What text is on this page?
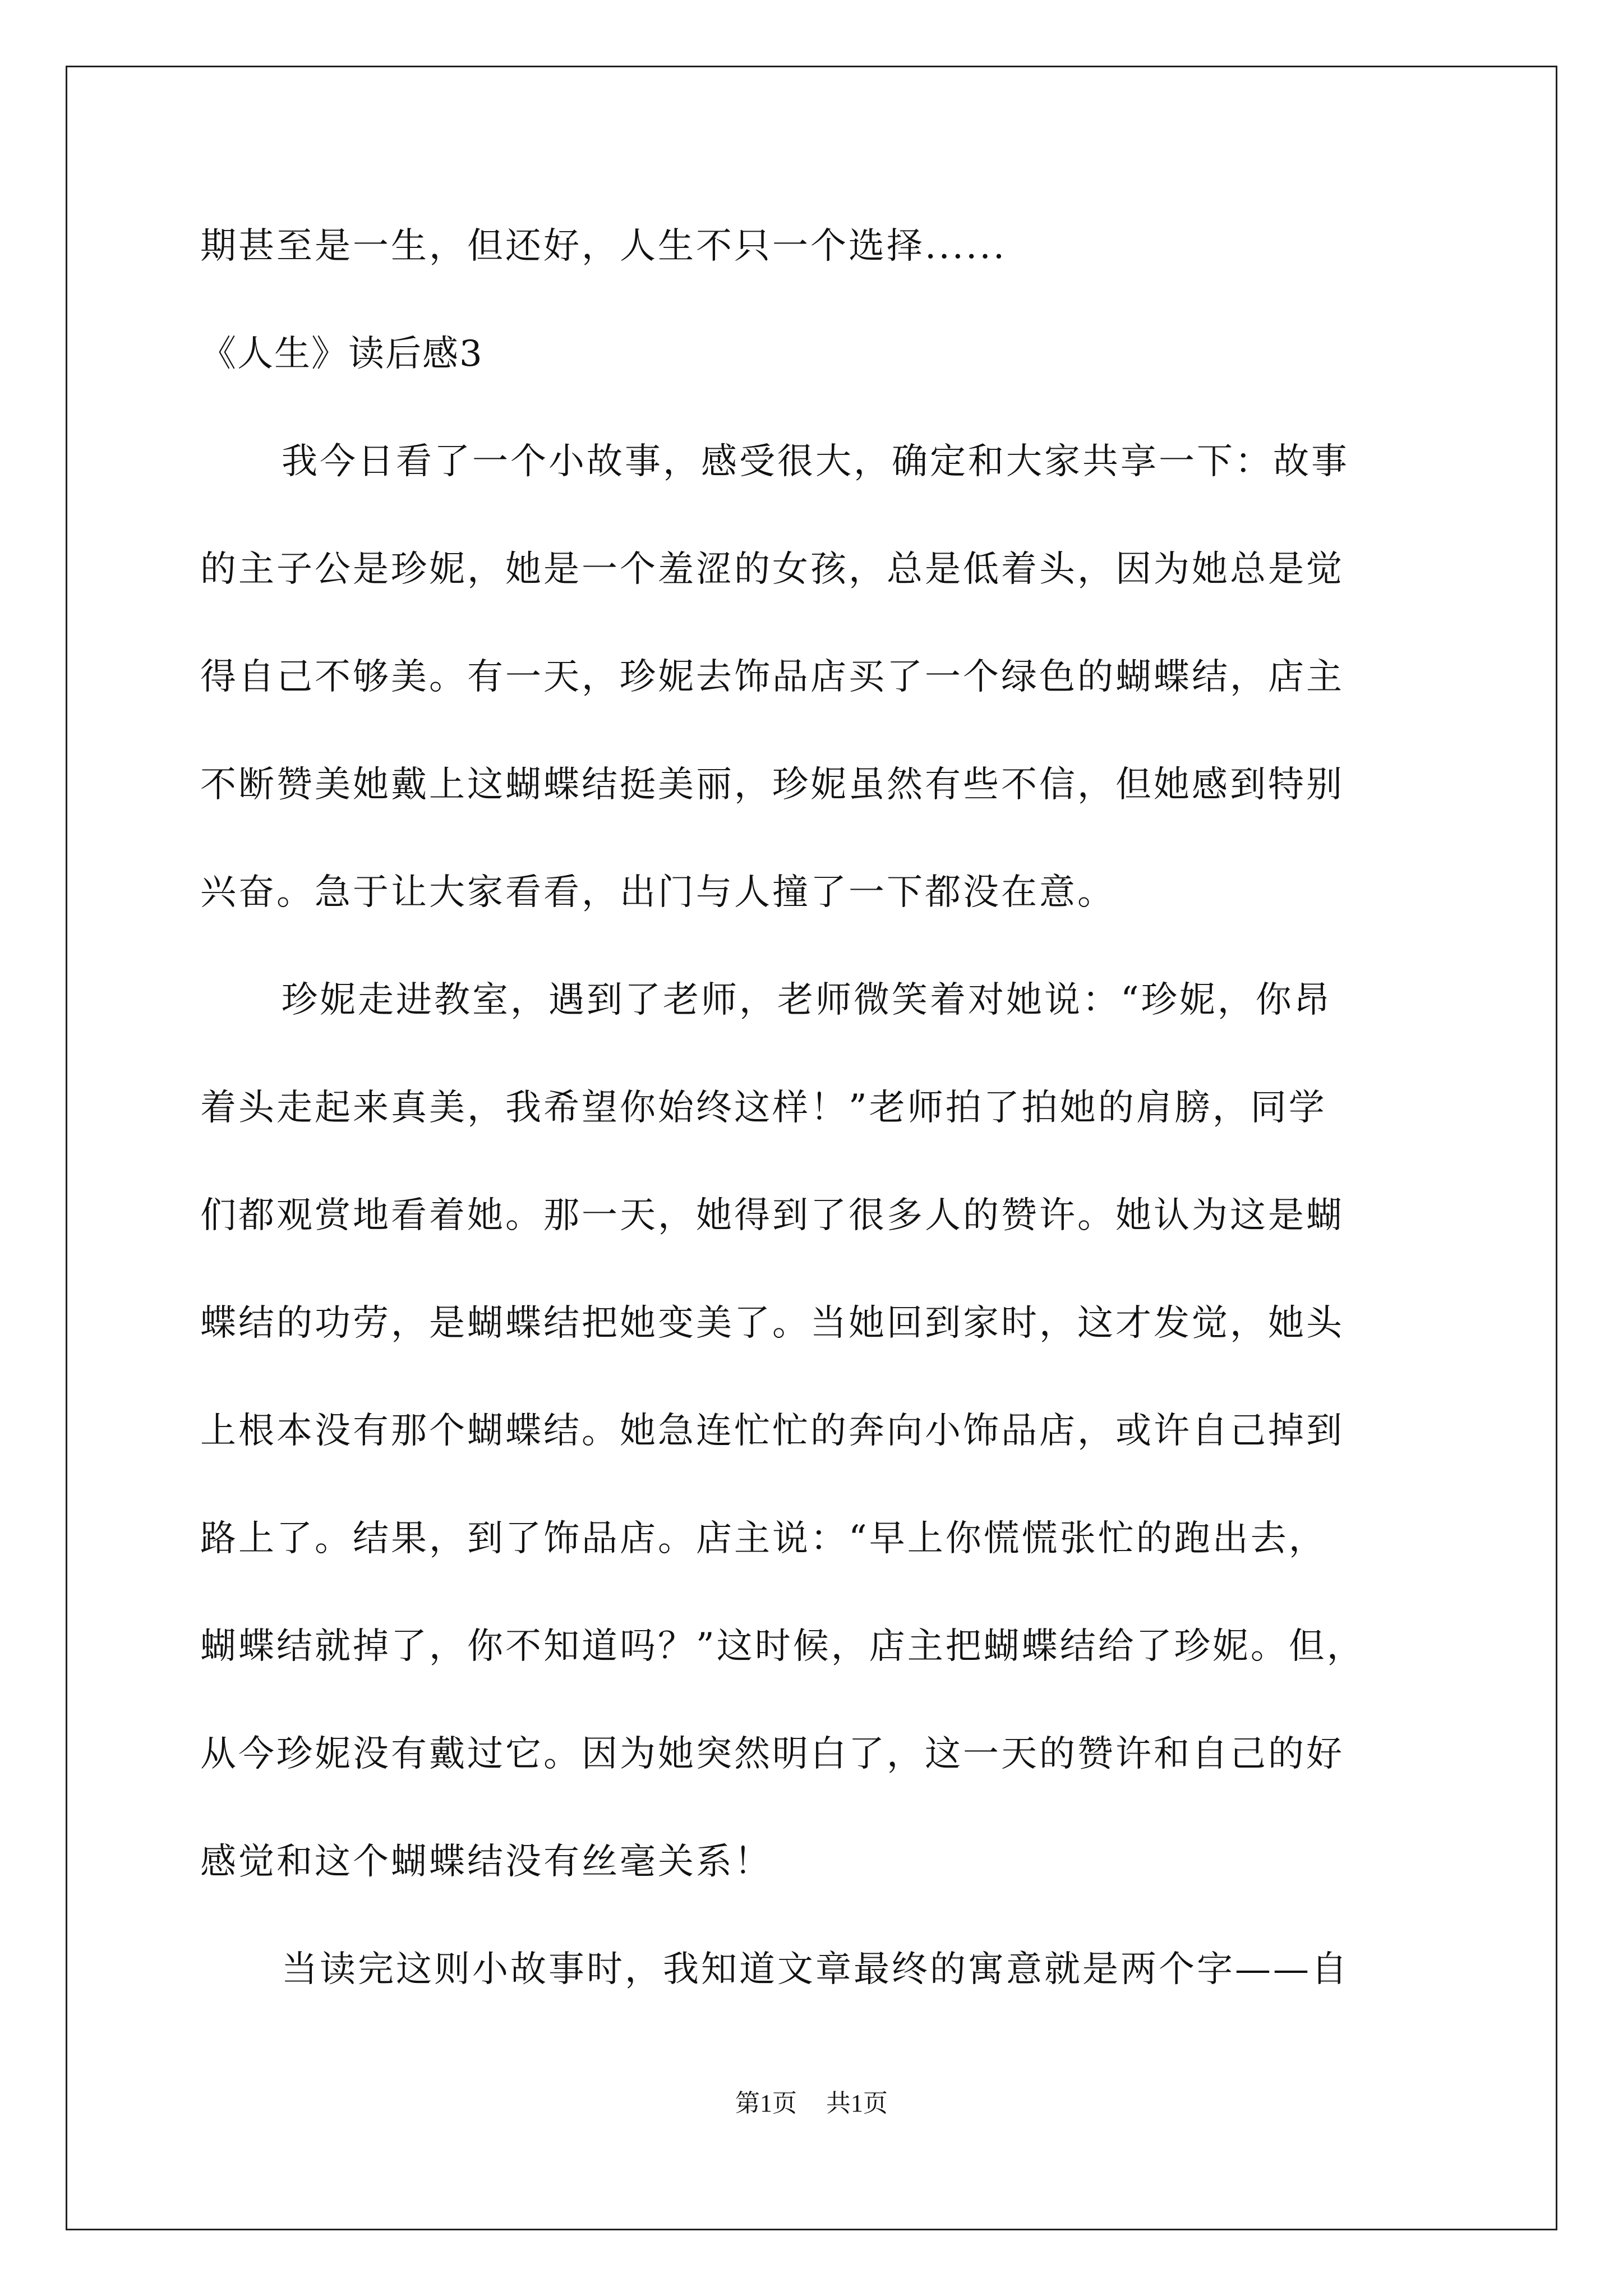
期甚至是一生，但还好，人生不只一个选择......
《人生》读后感3
我今日看了一个小故事，感受很大，确定和大家共享一下：故事
的主子公是珍妮，她是一个羞涩的女孩，总是低着头，因为她总是觉
得自己不够美。有一天，珍妮去饰品店买了一个绿色的蝴蝶结，店主
不断赞美她戴上这蝴蝶结挺美丽，珍妮虽然有些不信，但她感到特别
兴奋。急于让大家看看，出门与人撞了一下都没在意。
珍妮走进教室，遇到了老师，老师微笑着对她说：“珍妮，你昂
着头走起来真美，我希望你始终这样！”老师拍了拍她的肩膀，同学
们都观赏地看着她。那一天，她得到了很多人的赞许。她认为这是蝴
蝶结的功劳，是蝴蝶结把她变美了。当她回到家时，这才发觉，她头
上根本没有那个蝴蝶结。她急连忙忙的奔向小饰品店，或许自己掉到
路上了。结果，到了饰品店。店主说：“早上你慌慌张忙的跑出去，
蝴蝶结就掉了，你不知道吗？”这时候，店主把蝴蝶结给了珍妮。但，
从今珍妮没有戴过它。因为她突然明白了，这一天的赞许和自己的好
感觉和这个蝴蝶结没有丝毫关系！
当读完这则小故事时，我知道文章最终的寓意就是两个字——自
第1页 共1页
